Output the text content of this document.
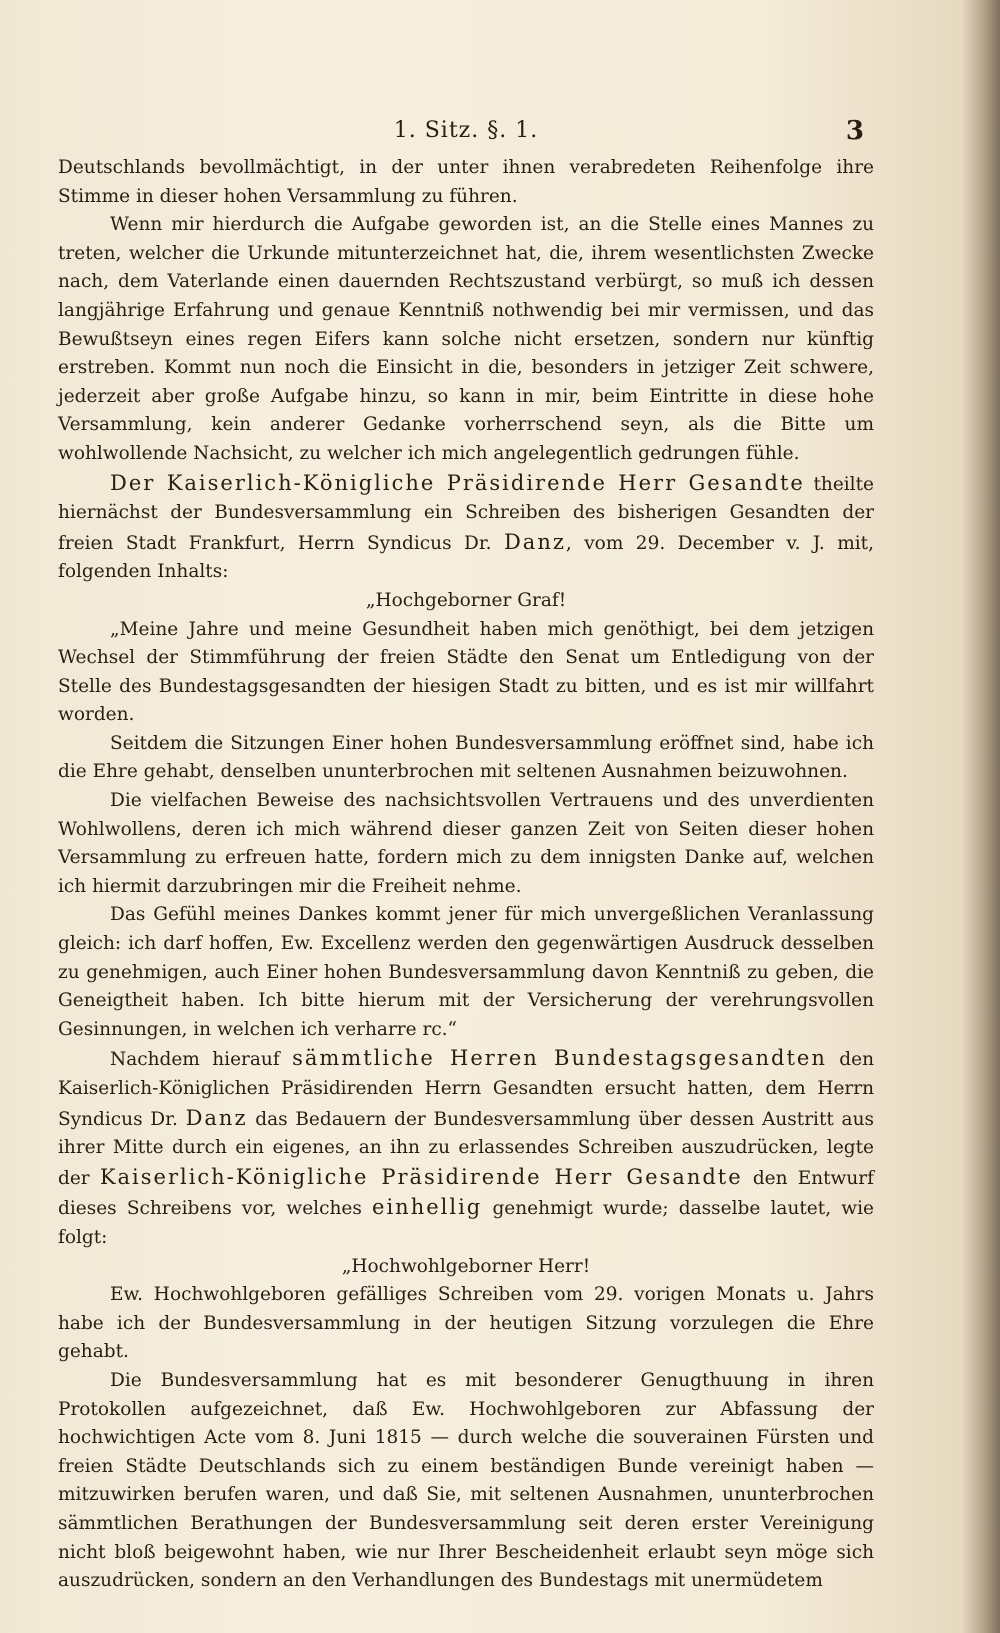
1. Sitz. §. 1.	3

Deutschlands bevollmächtigt, in der unter ihnen verabredeten Reihenfolge ihre Stimme in dieser hohen Versammlung zu führen.

Wenn mir hierdurch die Aufgabe geworden ist, an die Stelle eines Mannes zu treten, welcher die Urkunde mitunterzeichnet hat, die, ihrem wesentlichsten Zwecke nach, dem Vaterlande einen dauernden Rechtszustand verbürgt, so muß ich dessen langjährige Erfahrung und genaue Kenntniß nothwendig bei mir vermissen, und das Bewußtseyn eines regen Eifers kann solche nicht ersetzen, sondern nur künftig erstreben. Kommt nun noch die Einsicht in die, besonders in jetziger Zeit schwere, jederzeit aber große Aufgabe hinzu, so kann in mir, beim Eintritte in diese hohe Versammlung, kein anderer Gedanke vorherrschend seyn, als die Bitte um wohlwollende Nachsicht, zu welcher ich mich angelegentlich gedrungen fühle.

Der Kaiserlich-Königliche Präsidirende Herr Gesandte theilte hiernächst der Bundesversammlung ein Schreiben des bisherigen Gesandten der freien Stadt Frankfurt, Herrn Syndicus Dr. Danz, vom 29. December v. J. mit, folgenden Inhalts:

„Hochgeborner Graf!

„Meine Jahre und meine Gesundheit haben mich genöthigt, bei dem jetzigen Wechsel der Stimmführung der freien Städte den Senat um Entledigung von der Stelle des Bundestagsgesandten der hiesigen Stadt zu bitten, und es ist mir willfahrt worden.

Seitdem die Sitzungen Einer hohen Bundesversammlung eröffnet sind, habe ich die Ehre gehabt, denselben ununterbrochen mit seltenen Ausnahmen beizuwohnen.

Die vielfachen Beweise des nachsichtsvollen Vertrauens und des unverdienten Wohlwollens, deren ich mich während dieser ganzen Zeit von Seiten dieser hohen Versammlung zu erfreuen hatte, fordern mich zu dem innigsten Danke auf, welchen ich hiermit darzubringen mir die Freiheit nehme.

Das Gefühl meines Dankes kommt jener für mich unvergeßlichen Veranlassung gleich: ich darf hoffen, Ew. Excellenz werden den gegenwärtigen Ausdruck desselben zu genehmigen, auch Einer hohen Bundesversammlung davon Kenntniß zu geben, die Geneigtheit haben. Ich bitte hierum mit der Versicherung der verehrungsvollen Gesinnungen, in welchen ich verharre rc.“

Nachdem hierauf sämmtliche Herren Bundestagsgesandten den Kaiserlich-Königlichen Präsidirenden Herrn Gesandten ersucht hatten, dem Herrn Syndicus Dr. Danz das Bedauern der Bundesversammlung über dessen Austritt aus ihrer Mitte durch ein eigenes, an ihn zu erlassendes Schreiben auszudrücken, legte der Kaiserlich-Königliche Präsidirende Herr Gesandte den Entwurf dieses Schreibens vor, welches einhellig genehmigt wurde; dasselbe lautet, wie folgt:

„Hochwohlgeborner Herr!

Ew. Hochwohlgeboren gefälliges Schreiben vom 29. vorigen Monats u. Jahrs habe ich der Bundesversammlung in der heutigen Sitzung vorzulegen die Ehre gehabt.

Die Bundesversammlung hat es mit besonderer Genugthuung in ihren Protokollen aufgezeichnet, daß Ew. Hochwohlgeboren zur Abfassung der hochwichtigen Acte vom 8. Juni 1815 — durch welche die souverainen Fürsten und freien Städte Deutschlands sich zu einem beständigen Bunde vereinigt haben — mitzuwirken berufen waren, und daß Sie, mit seltenen Ausnahmen, ununterbrochen sämmtlichen Berathungen der Bundesversammlung seit deren erster Vereinigung nicht bloß beigewohnt haben, wie nur Ihrer Bescheidenheit erlaubt seyn möge sich auszudrücken, sondern an den Verhandlungen des Bundestags mit unermüdetem
